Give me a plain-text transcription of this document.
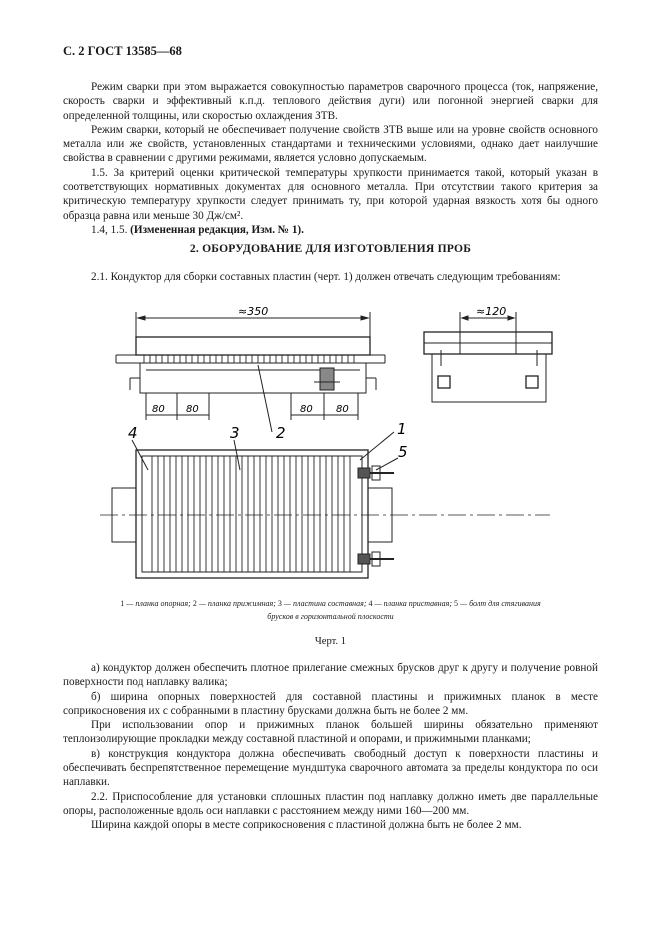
С. 2 ГОСТ 13585—68

Режим сварки при этом выражается совокупностью параметров сварочного процесса (ток, напряжение, скорость сварки и эффективный к.п.д. теплового действия дуги) или погонной энергией сварки для определенной толщины, или скоростью охлаждения ЗТВ.

Режим сварки, который не обеспечивает получение свойств ЗТВ выше или на уровне свойств основного металла или же свойств, установленных стандартами и техническими условиями, однако дает наилучшие свойства в сравнении с другими режимами, является условно допускаемым.

1.5. За критерий оценки критической температуры хрупкости принимается такой, который указан в соответствующих нормативных документах для основного металла. При отсутствии такого критерия за критическую температуру хрупкости следует принимать ту, при которой ударная вязкость хотя бы одного образца равна или меньше 30 Дж/см².

1.4, 1.5. (Измененная редакция, Изм. № 1).

2. ОБОРУДОВАНИЕ ДЛЯ ИЗГОТОВЛЕНИЯ ПРОБ

2.1. Кондуктор для сборки составных пластин (черт. 1) должен отвечать следующим требованиям:

≈350	≈120
80 80	80 80
4	3 2	1
5
1 — планка опорная; 2 — планка прижимная; 3 — пластина составная; 4 — планка приставная; 5 — болт для стягивания
брусков в горизонтальной плоскости
Черт. 1

а) кондуктор должен обеспечить плотное прилегание смежных брусков друг к другу и получение ровной поверхности под наплавку валика;

б) ширина опорных поверхностей для составной пластины и прижимных планок в месте соприкосновения их с собранными в пластину брусками должна быть не более 2 мм.

При использовании опор и прижимных планок большей ширины обязательно применяют теплоизолирующие прокладки между составной пластиной и опорами, и прижимными планками;

в) конструкция кондуктора должна обеспечивать свободный доступ к поверхности пластины и обеспечивать беспрепятственное перемещение мундштука сварочного автомата за пределы кондуктора по оси наплавки.

2.2. Приспособление для установки сплошных пластин под наплавку должно иметь две параллельные опоры, расположенные вдоль оси наплавки с расстоянием между ними 160—200 мм.

Ширина каждой опоры в месте соприкосновения с пластиной должна быть не более 2 мм.
